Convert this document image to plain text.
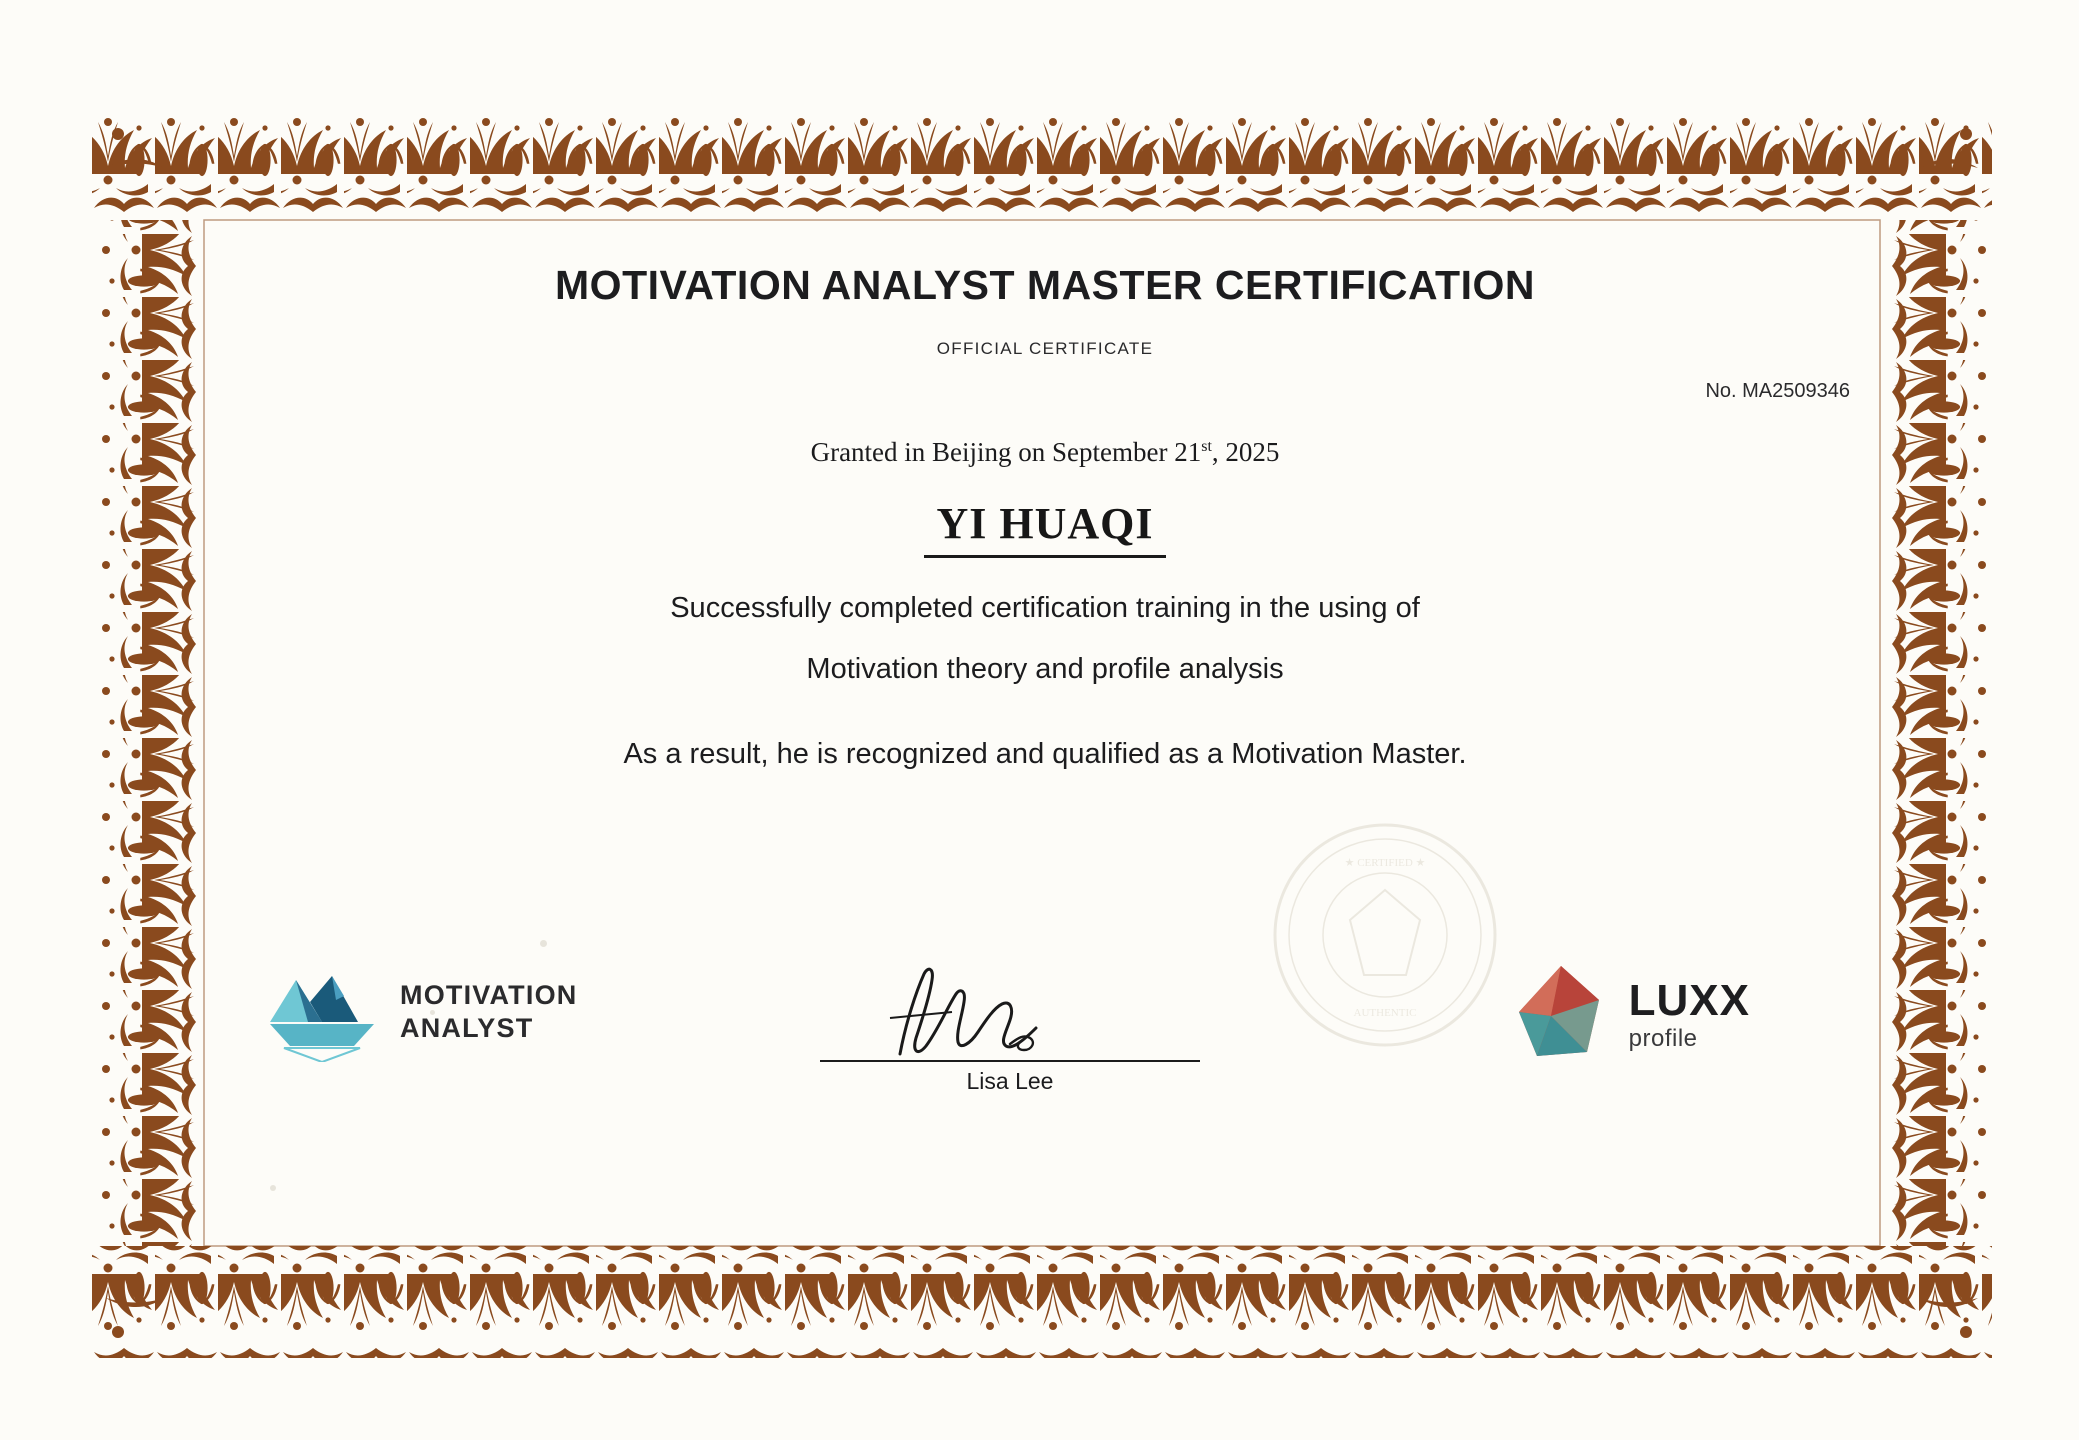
MOTIVATION ANALYST MASTER CERTIFICATION
OFFICIAL CERTIFICATE
No. MA2509346
Granted in Beijing on September 21st, 2025
YI HUAQI
Successfully completed certification training in the using of
Motivation theory and profile analysis
As a result, he is recognized and qualified as a Motivation Master.
★ CERTIFIED ★
AUTHENTIC
MOTIVATION
ANALYST
Lisa Lee
LUXX
profile
